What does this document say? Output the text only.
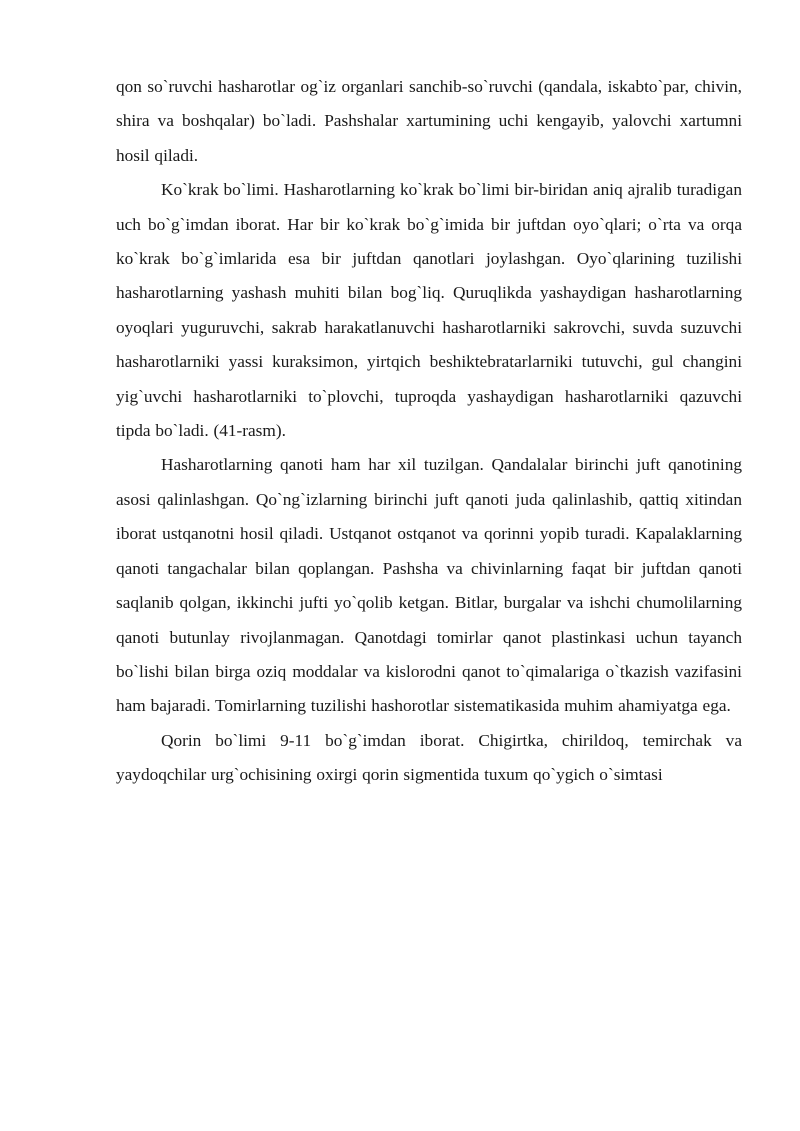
qon so`ruvchi hasharotlar og`iz organlari sanchib-so`ruvchi (qandala, iskabto`par, chivin, shira va boshqalar) bo`ladi. Pashshalar xartumining uchi kengayib, yalovchi xartumni hosil qiladi.

Ko`krak bo`limi. Hasharotlarning ko`krak bo`limi bir-biridan aniq ajralib turadigan uch bo`g`imdan iborat. Har bir ko`krak bo`g`imida bir juftdan oyo`qlari; o`rta va orqa ko`krak bo`g`imlarida esa bir juftdan qanotlari joylashgan. Oyo`qlarining tuzilishi hasharotlarning yashash muhiti bilan bog`liq. Quruqlikda yashaydigan hasharotlarning oyoqlari yuguruvchi, sakrab harakatlanuvchi hasharotlarniki sakrovchi, suvda suzuvchi hasharotlarniki yassi kuraksimon, yirtqich beshiktebratarlarniki tutuvchi, gul changini yig`uvchi hasharotlarniki to`plovchi, tuproqda yashaydigan hasharotlarniki qazuvchi tipda bo`ladi. (41-rasm).

Hasharotlarning qanoti ham har xil tuzilgan. Qandalalar birinchi juft qanotining asosi qalinlashgan. Qo`ng`izlarning birinchi juft qanoti juda qalinlashib, qattiq xitindan iborat ustqanotni hosil qiladi. Ustqanot ostqanot va qorinni yopib turadi. Kapalaklarning qanoti tangachalar bilan qoplangan. Pashsha va chivinlarning faqat bir juftdan qanoti saqlanib qolgan, ikkinchi jufti yo`qolib ketgan. Bitlar, burgalar va ishchi chumolilarning qanoti butunlay rivojlanmagan. Qanotdagi tomirlar qanot plastinkasi uchun tayanch bo`lishi bilan birga oziq moddalar va kislorodni qanot to`qimalariga o`tkazish vazifasini ham bajaradi. Tomirlarning tuzilishi hashorotlar sistematikasida muhim ahamiyatga ega.

Qorin bo`limi 9-11 bo`g`imdan iborat. Chigirtka, chirildoq, temirchak va yaydoqchilar urg`ochisining oxirgi qorin sigmentida tuxum qo`ygich o`simtasi
